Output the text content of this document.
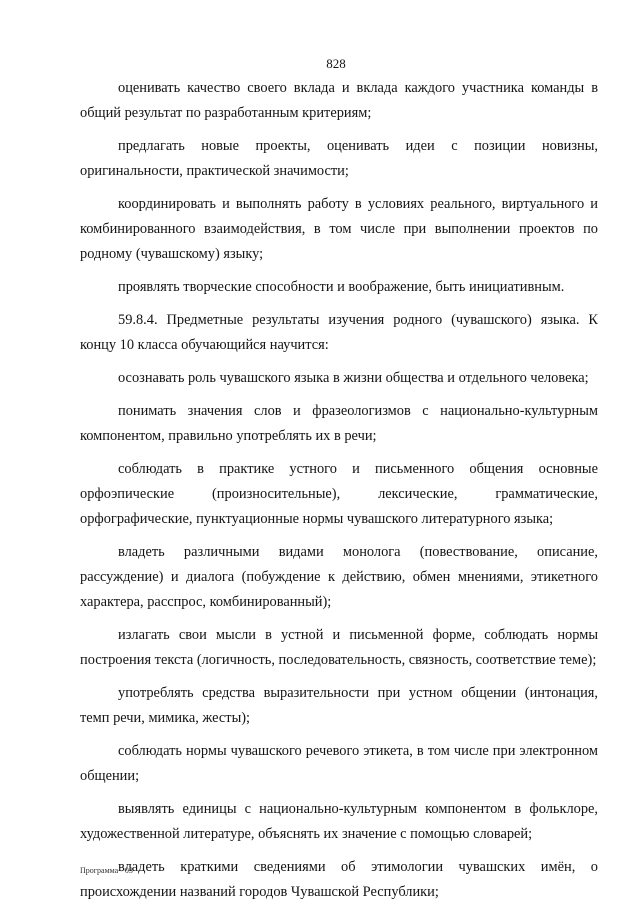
828

оценивать качество своего вклада и вклада каждого участника команды в общий результат по разработанным критериям;

предлагать новые проекты, оценивать идеи с позиции новизны, оригинальности, практической значимости;

координировать и выполнять работу в условиях реального, виртуального и комбинированного взаимодействия, в том числе при выполнении проектов по родному (чувашскому) языку;

проявлять творческие способности и воображение, быть инициативным.

59.8.4. Предметные результаты изучения родного (чувашского) языка. К концу 10 класса обучающийся научится:

осознавать роль чувашского языка в жизни общества и отдельного человека;

понимать значения слов и фразеологизмов с национально-культурным компонентом, правильно употреблять их в речи;

соблюдать в практике устного и письменного общения основные орфоэпические (произносительные), лексические, грамматические, орфографические, пунктуационные нормы чувашского литературного языка;

владеть различными видами монолога (повествование, описание, рассуждение) и диалога (побуждение к действию, обмен мнениями, этикетного характера, расспрос, комбинированный);

излагать свои мысли в устной и письменной форме, соблюдать нормы построения текста (логичность, последовательность, связность, соответствие теме);

употреблять средства выразительности при устном общении (интонация, темп речи, мимика, жесты);

соблюдать нормы чувашского речевого этикета, в том числе при электронном общении;

выявлять единицы с национально-культурным компонентом в фольклоре, художественной литературе, объяснять их значение с помощью словарей;

владеть краткими сведениями об этимологии чувашских имён, о происхождении названий городов Чувашской Республики;

Программа - 03
